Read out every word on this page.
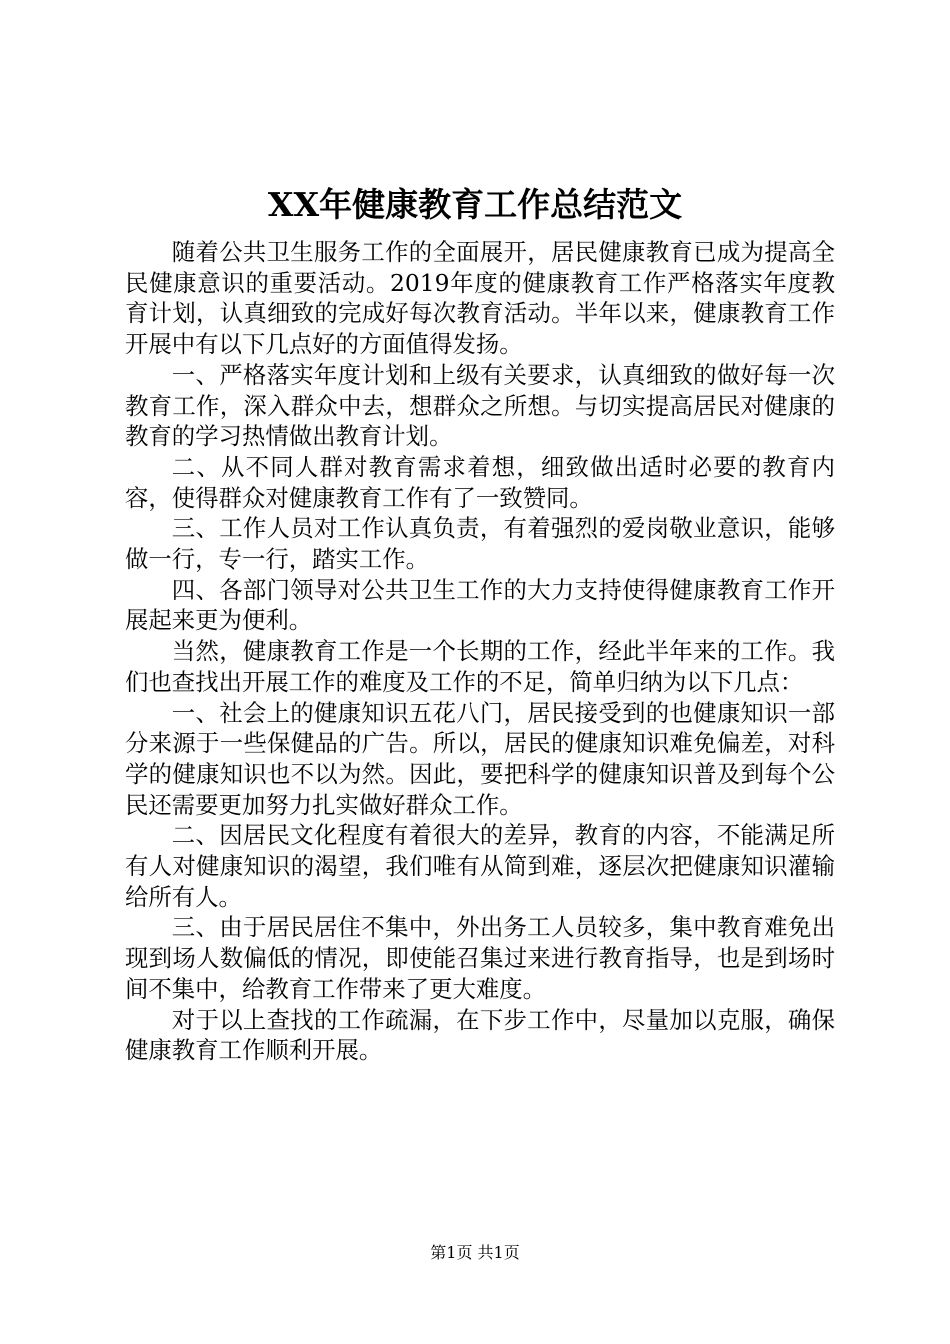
XX年健康教育工作总结范文

随着公共卫生服务工作的全面展开，居民健康教育已成为提高全民健康意识的重要活动。2019年度的健康教育工作严格落实年度教育计划，认真细致的完成好每次教育活动。半年以来，健康教育工作开展中有以下几点好的方面值得发扬。

一、严格落实年度计划和上级有关要求，认真细致的做好每一次教育工作，深入群众中去，想群众之所想。与切实提高居民对健康的教育的学习热情做出教育计划。

二、从不同人群对教育需求着想，细致做出适时必要的教育内容，使得群众对健康教育工作有了一致赞同。

三、工作人员对工作认真负责，有着强烈的爱岗敬业意识，能够做一行，专一行，踏实工作。

四、各部门领导对公共卫生工作的大力支持使得健康教育工作开展起来更为便利。

当然，健康教育工作是一个长期的工作，经此半年来的工作。我们也查找出开展工作的难度及工作的不足，简单归纳为以下几点：

一、社会上的健康知识五花八门，居民接受到的也健康知识一部分来源于一些保健品的广告。所以，居民的健康知识难免偏差，对科学的健康知识也不以为然。因此，要把科学的健康知识普及到每个公民还需要更加努力扎实做好群众工作。

二、因居民文化程度有着很大的差异，教育的内容，不能满足所有人对健康知识的渴望，我们唯有从简到难，逐层次把健康知识灌输给所有人。

三、由于居民居住不集中，外出务工人员较多，集中教育难免出现到场人数偏低的情况，即使能召集过来进行教育指导，也是到场时间不集中，给教育工作带来了更大难度。

对于以上查找的工作疏漏，在下步工作中，尽量加以克服，确保健康教育工作顺利开展。

第1页 共1页
